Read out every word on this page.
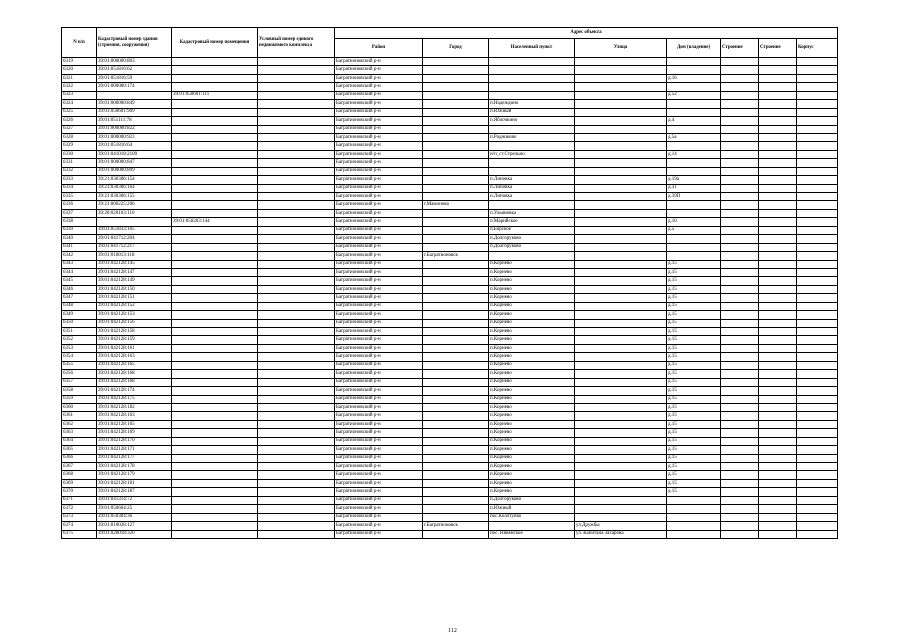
N п/п	Кадастровый номер здания (строения, сооружения)	Кадастровый номер помещения	Условный номер единого недвижимого комплекса	Адрес объекта							
				Район	Город	Населенный пункт	Улица	Дом (владение)	Строение	Строение	Корпус
6319	39:01:000000:803			Багратионовский р-н							
6320	39:01:051816:62			Багратионовский р-н							
6321	39:01:051816:59			Багратионовский р-н				д.16			
6322	39:01:000000:174			Багратионовский р-н							
6323		39:01:050601:111		Багратионовский р-н				д.52			
6324	39:01:000000:849			Багратионовский р-н		п.Надеждино					
6325	39:01:050601:909			Багратионовский р-н		п.Южный					
6326	39:01:051111:78			Багратионовский р-н		п.Яблочкино		д.4			
6327	39:01:000000:822			Багратионовский р-н							
6328	39:01:000000:923			Багратионовский р-н		п.Родниково		д.5а			
6329	39:01:051816:64			Багратионовский р-н							
6330	39:01:041018:2109			Багратионовский р-н		н/п_ст.Стрельно		д.14			
6331	39:01:000000:847			Багратионовский р-н							
6332	39:01:000000:899			Багратионовский р-н							
6333	39:21:030306:154			Багратионовский р-н		п.Липовка		д.19а			
6334	39:21:030306:164			Багратионовский р-н		п.Липовка		д.31			
6335	39:21:030306:155			Багратионовский р-н		п.Липовка		д.39П			
6336	39:21:000225:206			Багратионовский р-н	г.Мамоново						
6337	39:20:020103:110			Багратионовский р-н		п.Ульяновка					
6338		39:01:050203:144		Багратионовский р-н		п.Марийское		д.10			
6339	39:01:051833:105			Багратионовский р-н		п.Борское		д.5			
6340	39:01:041712:204			Багратионовский р-н		п.Долгоруково					
6341	39:01:041712:217			Багратионовский р-н		п.Долгоруково					
6342	39:01:010013:118			Багратионовский р-н	г.Багратионовск						
6343	39:01:042128:145			Багратионовский р-н		п.Корнево		д.15			
6344	39:01:042128:147			Багратионовский р-н		п.Корнево		д.15			
6345	39:01:042128:149			Багратионовский р-н		п.Корнево		д.15			
6346	39:01:042128:150			Багратионовский р-н		п.Корнево		д.15			
6347	39:01:042128:151			Багратионовский р-н		п.Корнево		д.15			
6348	39:01:042128:152			Багратионовский р-н		п.Корнево		д.15			
6349	39:01:042128:153			Багратионовский р-н		п.Корнево		д.15			
6350	39:01:042128:156			Багратионовский р-н		п.Корнево		д.15			
6351	39:01:042128:158			Багратионовский р-н		п.Корнево		д.15			
6352	39:01:042128:159			Багратионовский р-н		п.Корнево		д.15			
6353	39:01:042128:161			Багратионовский р-н		п.Корнево		д.15			
6354	39:01:042128:163			Багратионовский р-н		п.Корнево		д.15			
6355	39:01:042128:165			Багратионовский р-н		п.Корнево		д.15			
6356	39:01:042128:168			Багратионовский р-н		п.Корнево		д.15			
6357	39:01:042128:168			Багратионовский р-н		п.Корнево		д.15			
6358	39:01:042128:174			Багратионовский р-н		п.Корнево		д.15			
6359	39:01:042128:175			Багратионовский р-н		п.Корнево		д.15			
6360	39:01:042128:182			Багратионовский р-н		п.Корнево		д.15			
6361	39:01:042128:163			Багратионовский р-н		п.Корнево		д.15			
6362	39:01:042128:165			Багратионовский р-н		п.Корнево		д.15			
6363	39:01:042128:169			Багратионовский р-н		п.Корнево		д.15			
6364	39:01:042128:170			Багратионовский р-н		п.Корнево		д.15			
6365	39:01:042128:171			Багратионовский р-н		п.Корнево		д.15			
6366	39:01:042128:177			Багратионовский р-н		п.Корнево		д.15			
6367	39:01:042128:178			Багратионовский р-н		п.Корнево		д.15			
6368	39:01:042128:179			Багратионовский р-н		п.Корнево		д.15			
6369	39:01:042128:181			Багратионовский р-н		п.Корнево		д.15			
6370	39:01:042128:187			Багратионовский р-н		п.Корнево		д.15			
6371	39:01:041314:72			Багратионовский р-н		п.Долгоруково					
6372	39:01:050604:25			Багратионовский р-н		п.Южный					
6373	39:01:050304:36			Багратионовский р-н		пос.Коллтунко					
6374	39:01:010028:127			Багратионовский р-н	г.Багратионовск		ул.Дружбы				
6375	39:01:020018:320			Багратионовский р-н		пос. Нивенское	ул. Капитана Захарова				
112
